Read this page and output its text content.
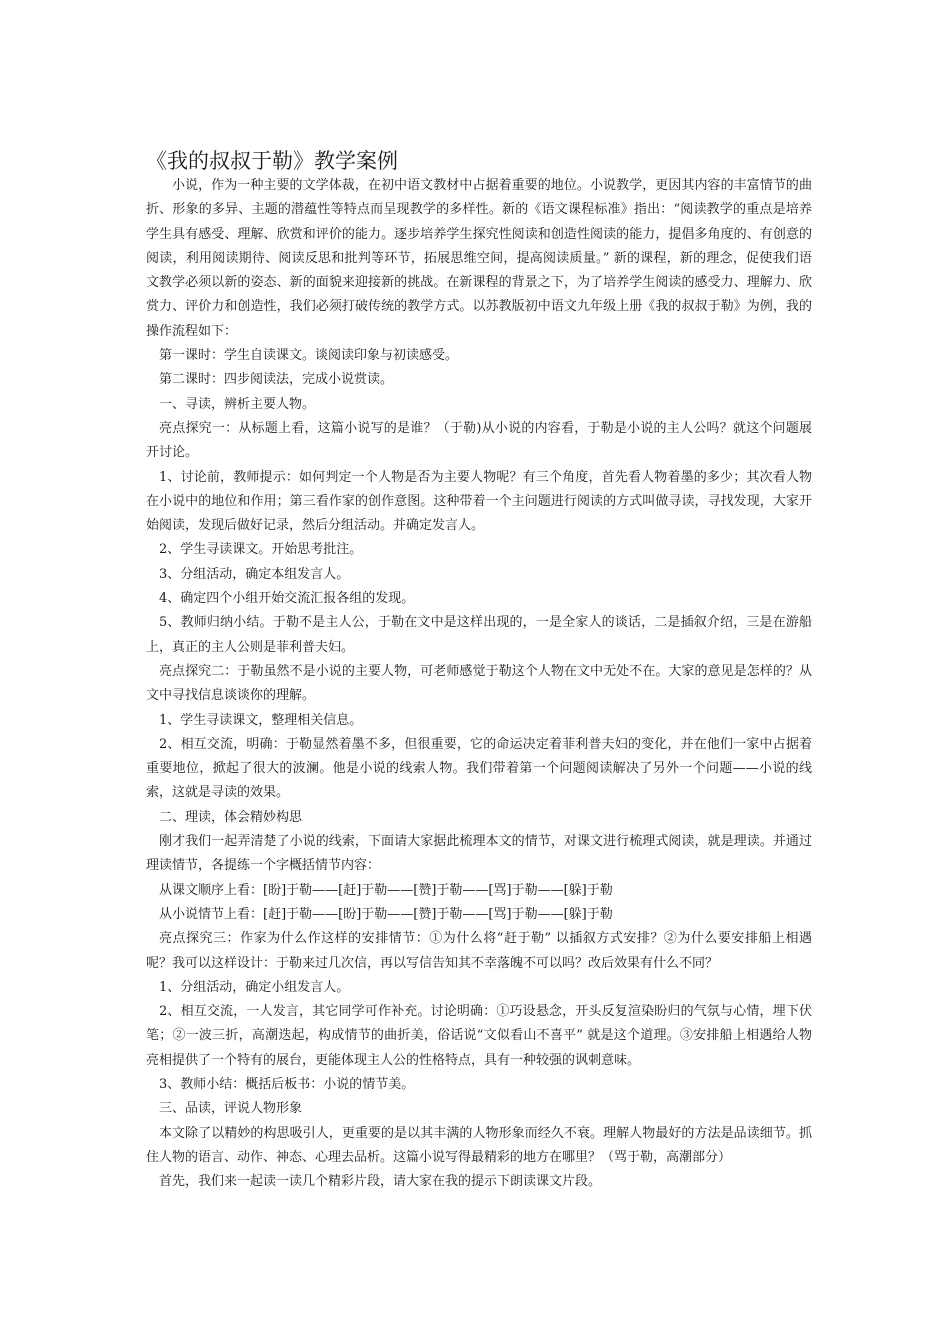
《我的叔叔于勒》教学案例

小说，作为一种主要的文学体裁，在初中语文教材中占据着重要的地位。小说教学，更因其内容的丰富情节的曲折、形象的多异、主题的潜蕴性等特点而呈现教学的多样性。新的《语文课程标准》指出：“阅读教学的重点是培养学生具有感受、理解、欣赏和评价的能力。逐步培养学生探究性阅读和创造性阅读的能力，提倡多角度的、有创意的阅读，利用阅读期待、阅读反思和批判等环节，拓展思维空间，提高阅读质量。” 新的课程，新的理念，促使我们语文教学必须以新的姿态、新的面貌来迎接新的挑战。在新课程的背景之下，为了培养学生阅读的感受力、理解力、欣赏力、评价力和创造性，我们必须打破传统的教学方式。以苏教版初中语文九年级上册《我的叔叔于勒》为例，我的操作流程如下：

第一课时：学生自读课文。谈阅读印象与初读感受。

第二课时：四步阅读法，完成小说赏读。

一、寻读，辨析主要人物。

亮点探究一：从标题上看，这篇小说写的是谁？（于勒)从小说的内容看，于勒是小说的主人公吗？就这个问题展开讨论。

1、讨论前，教师提示：如何判定一个人物是否为主要人物呢？有三个角度，首先看人物着墨的多少；其次看人物在小说中的地位和作用；第三看作家的创作意图。这种带着一个主问题进行阅读的方式叫做寻读，寻找发现，大家开始阅读，发现后做好记录，然后分组活动。并确定发言人。

2、学生寻读课文。开始思考批注。

3、分组活动，确定本组发言人。

4、确定四个小组开始交流汇报各组的发现。

5、教师归纳小结。于勒不是主人公，于勒在文中是这样出现的，一是全家人的谈话，二是插叙介绍，三是在游船上，真正的主人公则是菲利普夫妇。

亮点探究二：于勒虽然不是小说的主要人物，可老师感觉于勒这个人物在文中无处不在。大家的意见是怎样的？从文中寻找信息谈谈你的理解。

1、学生寻读课文，整理相关信息。

2、相互交流，明确：于勒显然着墨不多，但很重要，它的命运决定着菲利普夫妇的变化，并在他们一家中占据着重要地位，掀起了很大的波澜。他是小说的线索人物。我们带着第一个问题阅读解决了另外一个问题——小说的线索，这就是寻读的效果。

二、理读，体会精妙构思

刚才我们一起弄清楚了小说的线索，下面请大家据此梳理本文的情节，对课文进行梳理式阅读，就是理读。并通过理读情节，各提练一个字概括情节内容：

从课文顺序上看：[盼]于勒——[赶]于勒——[赞]于勒——[骂]于勒——[躲]于勒

从小说情节上看：[赶]于勒——[盼]于勒——[赞]于勒——[骂]于勒——[躲]于勒

亮点探究三：作家为什么作这样的安排情节：①为什么将“赶于勒” 以插叙方式安排？②为什么要安排船上相遇呢？我可以这样设计：于勒来过几次信，再以写信告知其不幸落魄不可以吗？改后效果有什么不同？

1、分组活动，确定小组发言人。

2、相互交流，一人发言，其它同学可作补充。讨论明确：①巧设悬念，开头反复渲染盼归的气氛与心情，埋下伏笔；②一波三折，高潮迭起，构成情节的曲折美，俗话说“文似看山不喜平” 就是这个道理。③安排船上相遇给人物亮相提供了一个特有的展台，更能体现主人公的性格特点，具有一种较强的讽刺意味。

3、教师小结：概括后板书：小说的情节美。

三、品读，评说人物形象

本文除了以精妙的构思吸引人，更重要的是以其丰满的人物形象而经久不衰。理解人物最好的方法是品读细节。抓住人物的语言、动作、神态、心理去品析。这篇小说写得最精彩的地方在哪里？（骂于勒，高潮部分）

首先，我们来一起读一读几个精彩片段，请大家在我的提示下朗读课文片段。
